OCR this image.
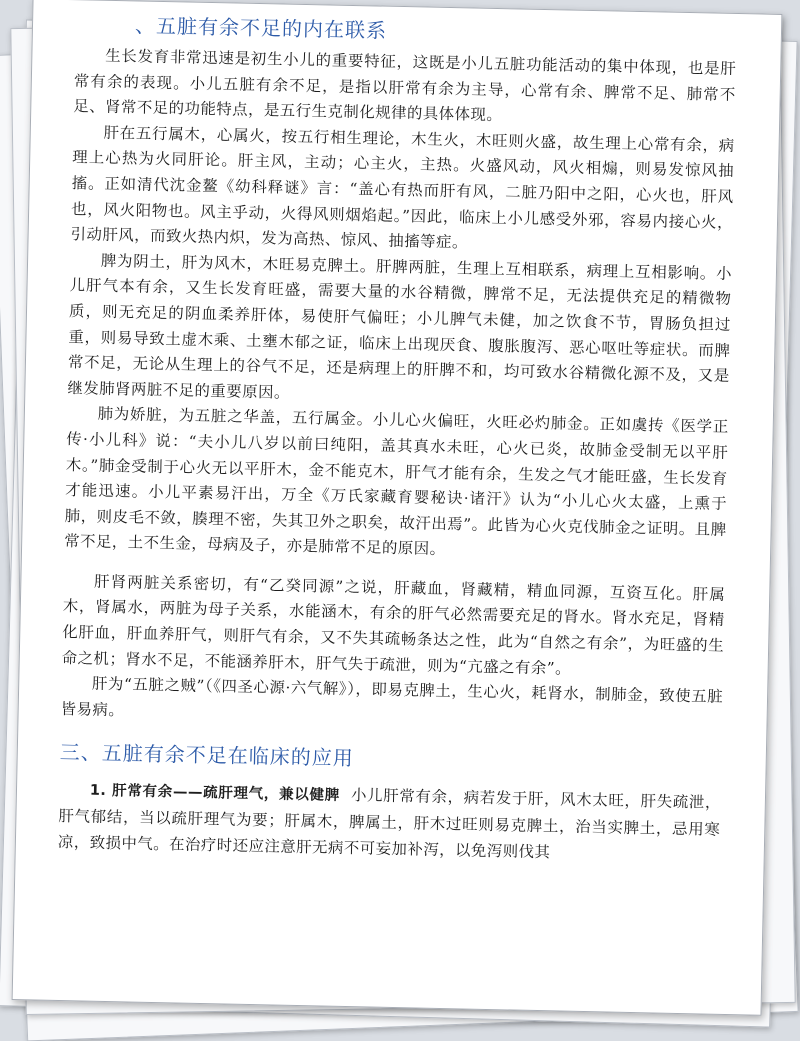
、五脏有余不足的内在联系

生长发育非常迅速是初生小儿的重要特征，这既是小儿五脏功能活动的集中体现，也是肝常有余的表现。小儿五脏有余不足，是指以肝常有余为主导，心常有余、脾常不足、肺常不足、肾常不足的功能特点，是五行生克制化规律的具体体现。

肝在五行属木，心属火，按五行相生理论，木生火，木旺则火盛，故生理上心常有余，病理上心热为火同肝论。肝主风，主动；心主火，主热。火盛风动，风火相煽，则易发惊风抽搐。正如清代沈金鳌《幼科释谜》言：“盖心有热而肝有风，二脏乃阳中之阳，心火也，肝风也，风火阳物也。风主乎动，火得风则烟焰起。”因此，临床上小儿感受外邪，容易内接心火，引动肝风，而致火热内炽，发为高热、惊风、抽搐等症。

脾为阴土，肝为风木，木旺易克脾土。肝脾两脏，生理上互相联系，病理上互相影响。小儿肝气本有余，又生长发育旺盛，需要大量的水谷精微，脾常不足，无法提供充足的精微物质，则无充足的阴血柔养肝体，易使肝气偏旺；小儿脾气未健，加之饮食不节，胃肠负担过重，则易导致土虚木乘、土壅木郁之证，临床上出现厌食、腹胀腹泻、恶心呕吐等症状。而脾常不足，无论从生理上的谷气不足，还是病理上的肝脾不和，均可致水谷精微化源不及，又是继发肺肾两脏不足的重要原因。

肺为娇脏，为五脏之华盖，五行属金。小儿心火偏旺，火旺必灼肺金。正如虞抟《医学正传·小儿科》说：“夫小儿八岁以前曰纯阳，盖其真水未旺，心火已炎，故肺金受制无以平肝木。”肺金受制于心火无以平肝木，金不能克木，肝气才能有余，生发之气才能旺盛，生长发育才能迅速。小儿平素易汗出，万全《万氏家藏育婴秘诀·诸汗》认为“小儿心火太盛，上熏于肺，则皮毛不敛，腠理不密，失其卫外之职矣，故汗出焉”。此皆为心火克伐肺金之证明。且脾常不足，土不生金，母病及子，亦是肺常不足的原因。

肝肾两脏关系密切，有“乙癸同源”之说，肝藏血，肾藏精，精血同源，互资互化。肝属木，肾属水，两脏为母子关系，水能涵木，有余的肝气必然需要充足的肾水。肾水充足，肾精化肝血，肝血养肝气，则肝气有余，又不失其疏畅条达之性，此为“自然之有余”，为旺盛的生命之机；肾水不足，不能涵养肝木，肝气失于疏泄，则为“亢盛之有余”。

肝为“五脏之贼”（《四圣心源·六气解》），即易克脾土，生心火，耗肾水，制肺金，致使五脏皆易病。

三、五脏有余不足在临床的应用

1. 肝常有余——疏肝理气，兼以健脾 小儿肝常有余，病若发于肝，风木太旺，肝失疏泄，肝气郁结，当以疏肝理气为要；肝属木，脾属土，肝木过旺则易克脾土，治当实脾土，忌用寒凉，致损中气。在治疗时还应注意肝无病不可妄加补泻，以免泻则伐其
